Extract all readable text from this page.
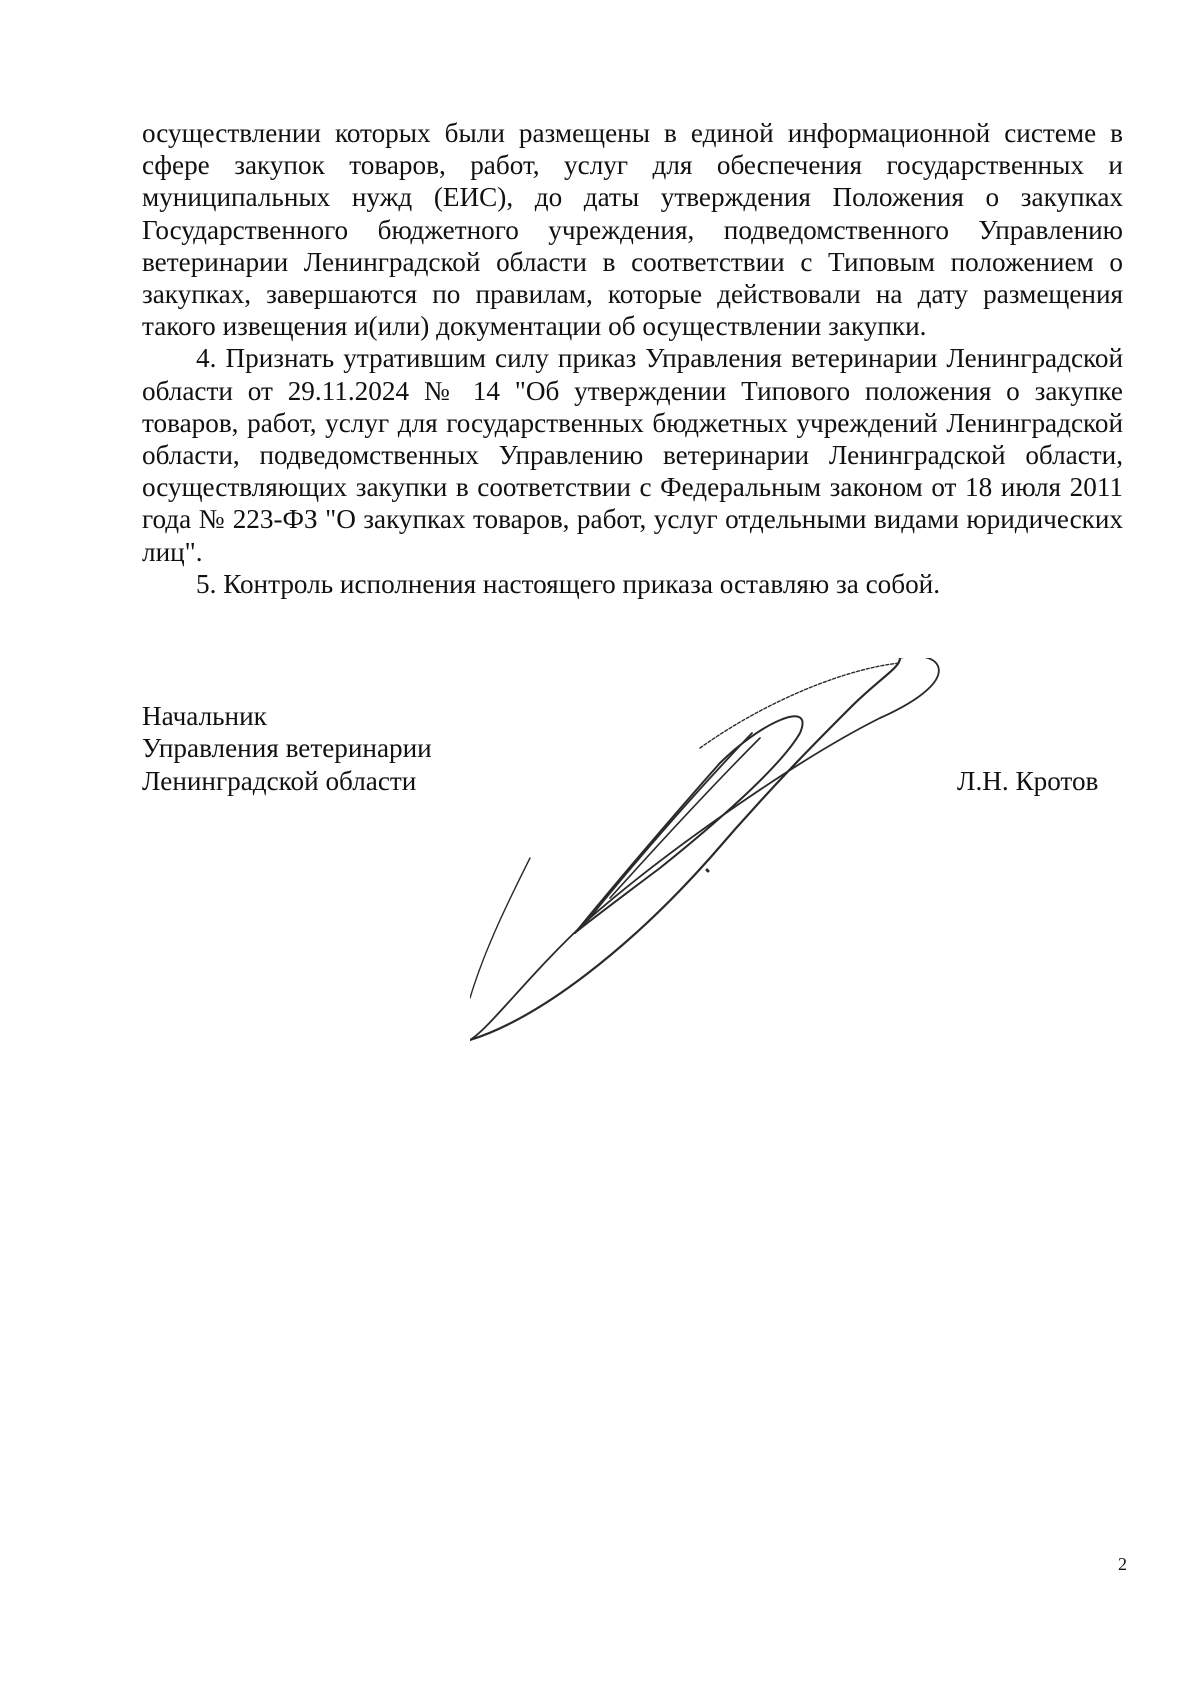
осуществлении которых были размещены в единой информационной системе в сфере закупок товаров, работ, услуг для обеспечения государственных и муниципальных нужд (ЕИС), до даты утверждения Положения о закупках Государственного бюджетного учреждения, подведомственного Управлению ветеринарии Ленинградской области в соответствии с Типовым положением о закупках, завершаются по правилам, которые действовали на дату размещения такого извещения и(или) документации об осуществлении закупки.

4. Признать утратившим силу приказ Управления ветеринарии Ленинградской области от 29.11.2024 № 14 "Об утверждении Типового положения о закупке товаров, работ, услуг для государственных бюджетных учреждений Ленинградской области, подведомственных Управлению ветеринарии Ленинградской области, осуществляющих закупки в соответствии с Федеральным законом от 18 июля 2011 года № 223-ФЗ "О закупках товаров, работ, услуг отдельными видами юридических лиц".

5. Контроль исполнения настоящего приказа оставляю за собой.

Начальник
Управления ветеринарии
Ленинградской области	Л.Н. Кротов
2
